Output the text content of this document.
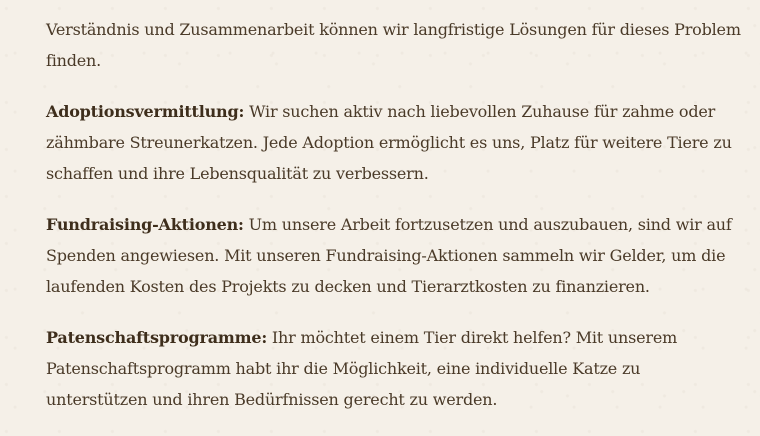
Verständnis und Zusammenarbeit können wir langfristige Lösungen für dieses Problem finden.

Adoptionsvermittlung: Wir suchen aktiv nach liebevollen Zuhause für zahme oder zähmbare Streunerkatzen. Jede Adoption ermöglicht es uns, Platz für weitere Tiere zu schaffen und ihre Lebensqualität zu verbessern.

Fundraising-Aktionen: Um unsere Arbeit fortzusetzen und auszubauen, sind wir auf Spenden angewiesen. Mit unseren Fundraising-Aktionen sammeln wir Gelder, um die laufenden Kosten des Projekts zu decken und Tierarztkosten zu finanzieren.

Patenschaftsprogramme: Ihr möchtet einem Tier direkt helfen? Mit unserem Patenschaftsprogramm habt ihr die Möglichkeit, eine individuelle Katze zu unterstützen und ihren Bedürfnissen gerecht zu werden.
